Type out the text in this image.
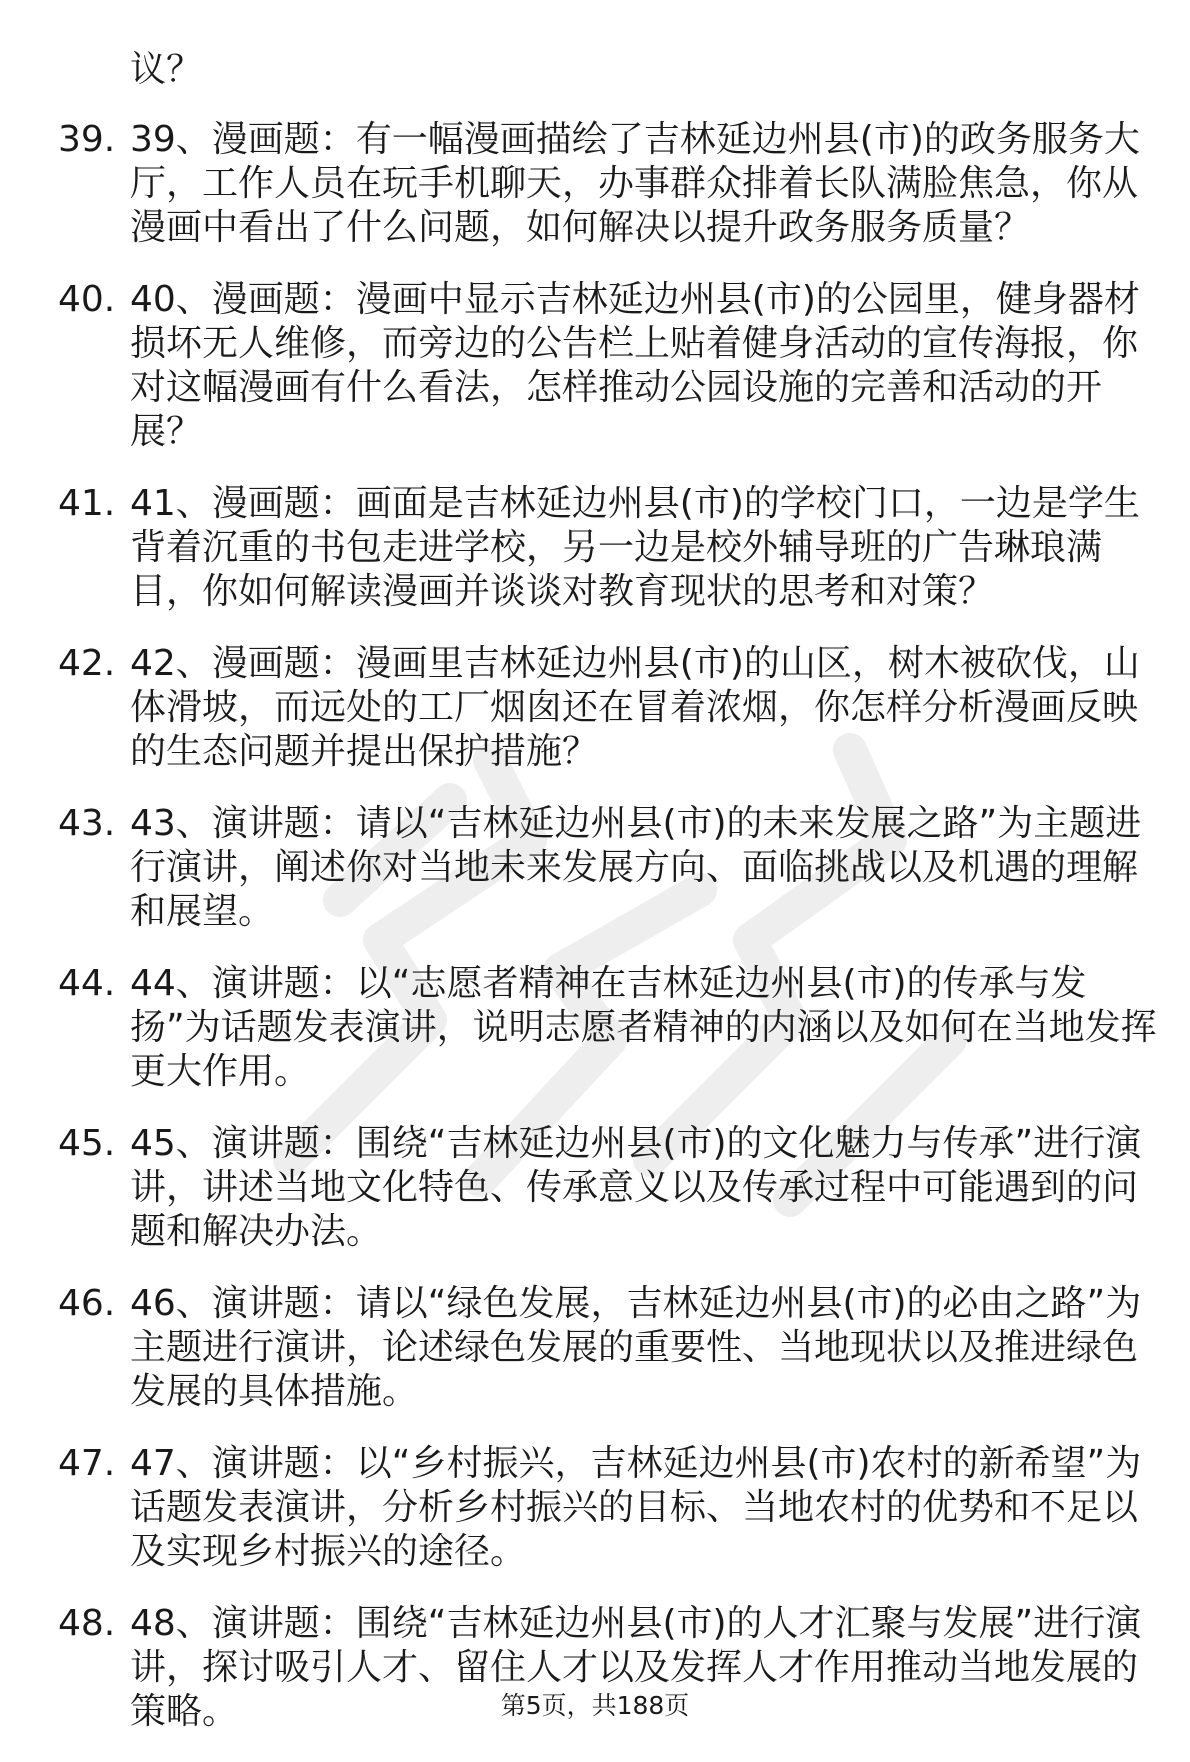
议？

39. 39、漫画题：有一幅漫画描绘了吉林延边州县(市)的政务服务大厅，工作人员在玩手机聊天，办事群众排着长队满脸焦急，你从漫画中看出了什么问题，如何解决以提升政务服务质量？
40. 40、漫画题：漫画中显示吉林延边州县(市)的公园里，健身器材损坏无人维修，而旁边的公告栏上贴着健身活动的宣传海报，你对这幅漫画有什么看法，怎样推动公园设施的完善和活动的开展？
41. 41、漫画题：画面是吉林延边州县(市)的学校门口，一边是学生背着沉重的书包走进学校，另一边是校外辅导班的广告琳琅满目，你如何解读漫画并谈谈对教育现状的思考和对策？
42. 42、漫画题：漫画里吉林延边州县(市)的山区，树木被砍伐，山体滑坡，而远处的工厂烟囱还在冒着浓烟，你怎样分析漫画反映的生态问题并提出保护措施？
43. 43、演讲题：请以“吉林延边州县(市)的未来发展之路”为主题进行演讲，阐述你对当地未来发展方向、面临挑战以及机遇的理解和展望。
44. 44、演讲题：以“志愿者精神在吉林延边州县(市)的传承与发扬”为话题发表演讲，说明志愿者精神的内涵以及如何在当地发挥更大作用。
45. 45、演讲题：围绕“吉林延边州县(市)的文化魅力与传承”进行演讲，讲述当地文化特色、传承意义以及传承过程中可能遇到的问题和解决办法。
46. 46、演讲题：请以“绿色发展，吉林延边州县(市)的必由之路”为主题进行演讲，论述绿色发展的重要性、当地现状以及推进绿色发展的具体措施。
47. 47、演讲题：以“乡村振兴，吉林延边州县(市)农村的新希望”为话题发表演讲，分析乡村振兴的目标、当地农村的优势和不足以及实现乡村振兴的途径。
48. 48、演讲题：围绕“吉林延边州县(市)的人才汇聚与发展”进行演讲，探讨吸引人才、留住人才以及发挥人才作用推动当地发展的策略。	第5页，共188页
